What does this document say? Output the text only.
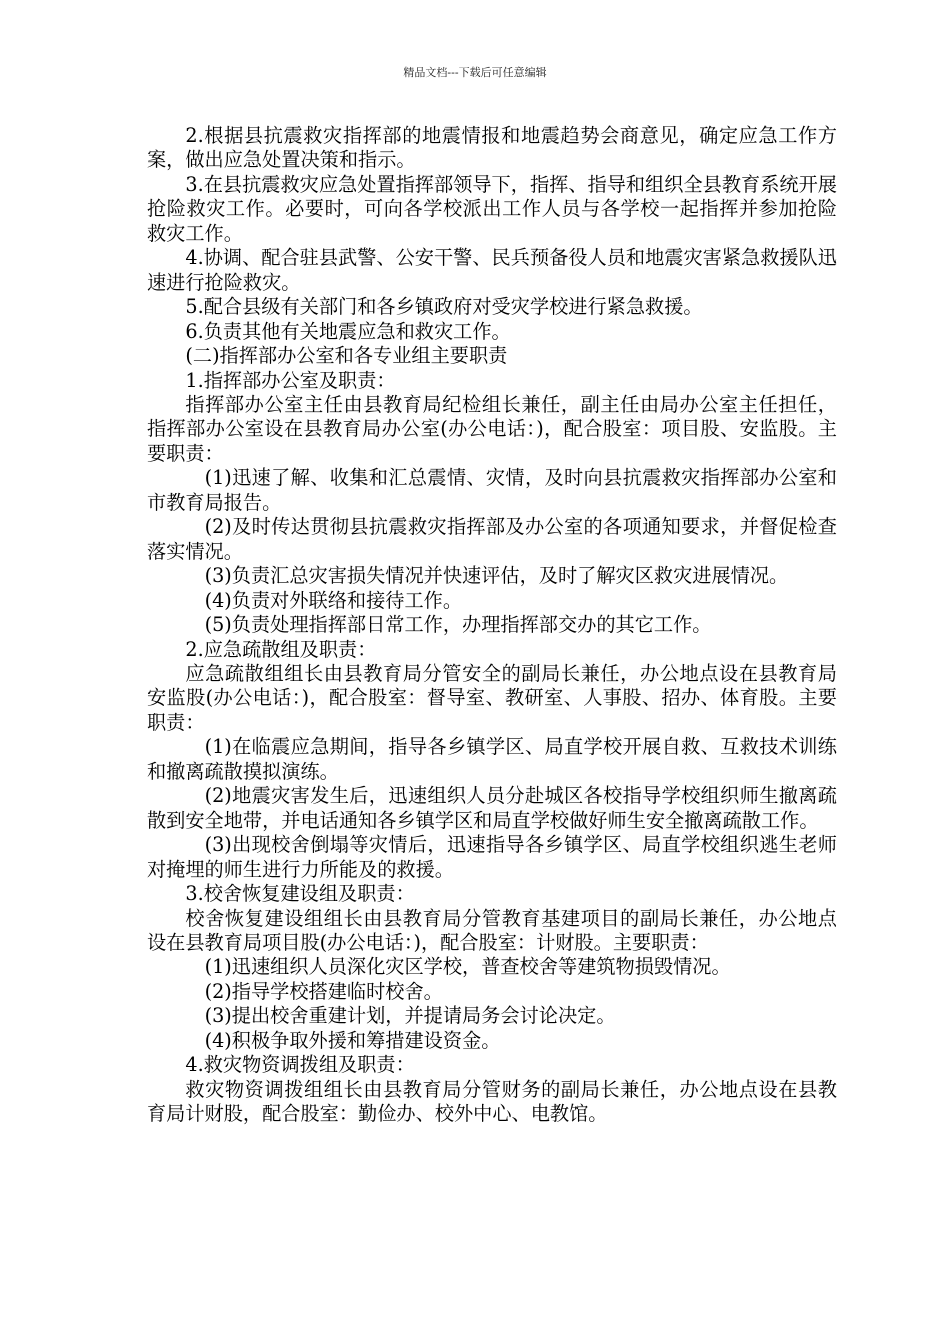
精品文档---下载后可任意编辑

2.根据县抗震救灾指挥部的地震情报和地震趋势会商意见，确定应急工作方案，做出应急处置决策和指示。

3.在县抗震救灾应急处置指挥部领导下，指挥、指导和组织全县教育系统开展抢险救灾工作。必要时，可向各学校派出工作人员与各学校一起指挥并参加抢险救灾工作。

4.协调、配合驻县武警、公安干警、民兵预备役人员和地震灾害紧急救援队迅速进行抢险救灾。

5.配合县级有关部门和各乡镇政府对受灾学校进行紧急救援。

6.负责其他有关地震应急和救灾工作。

(二)指挥部办公室和各专业组主要职责

1.指挥部办公室及职责：

指挥部办公室主任由县教育局纪检组长兼任，副主任由局办公室主任担任，指挥部办公室设在县教育局办公室(办公电话：)，配合股室：项目股、安监股。主要职责：

(1)迅速了解、收集和汇总震情、灾情，及时向县抗震救灾指挥部办公室和市教育局报告。

(2)及时传达贯彻县抗震救灾指挥部及办公室的各项通知要求，并督促检查落实情况。

(3)负责汇总灾害损失情况并快速评估，及时了解灾区救灾进展情况。

(4)负责对外联络和接待工作。

(5)负责处理指挥部日常工作，办理指挥部交办的其它工作。

2.应急疏散组及职责：

应急疏散组组长由县教育局分管安全的副局长兼任，办公地点设在县教育局安监股(办公电话：)，配合股室：督导室、教研室、人事股、招办、体育股。主要职责：

(1)在临震应急期间，指导各乡镇学区、局直学校开展自救、互救技术训练和撤离疏散摸拟演练。

(2)地震灾害发生后，迅速组织人员分赴城区各校指导学校组织师生撤离疏散到安全地带，并电话通知各乡镇学区和局直学校做好师生安全撤离疏散工作。

(3)出现校舍倒塌等灾情后，迅速指导各乡镇学区、局直学校组织逃生老师对掩埋的师生进行力所能及的救援。

3.校舍恢复建设组及职责：

校舍恢复建设组组长由县教育局分管教育基建项目的副局长兼任，办公地点设在县教育局项目股(办公电话：)，配合股室：计财股。主要职责：

(1)迅速组织人员深化灾区学校，普查校舍等建筑物损毁情况。

(2)指导学校搭建临时校舍。

(3)提出校舍重建计划，并提请局务会讨论决定。

(4)积极争取外援和筹措建设资金。

4.救灾物资调拨组及职责：

救灾物资调拨组组长由县教育局分管财务的副局长兼任，办公地点设在县教育局计财股，配合股室：勤俭办、校外中心、电教馆。
